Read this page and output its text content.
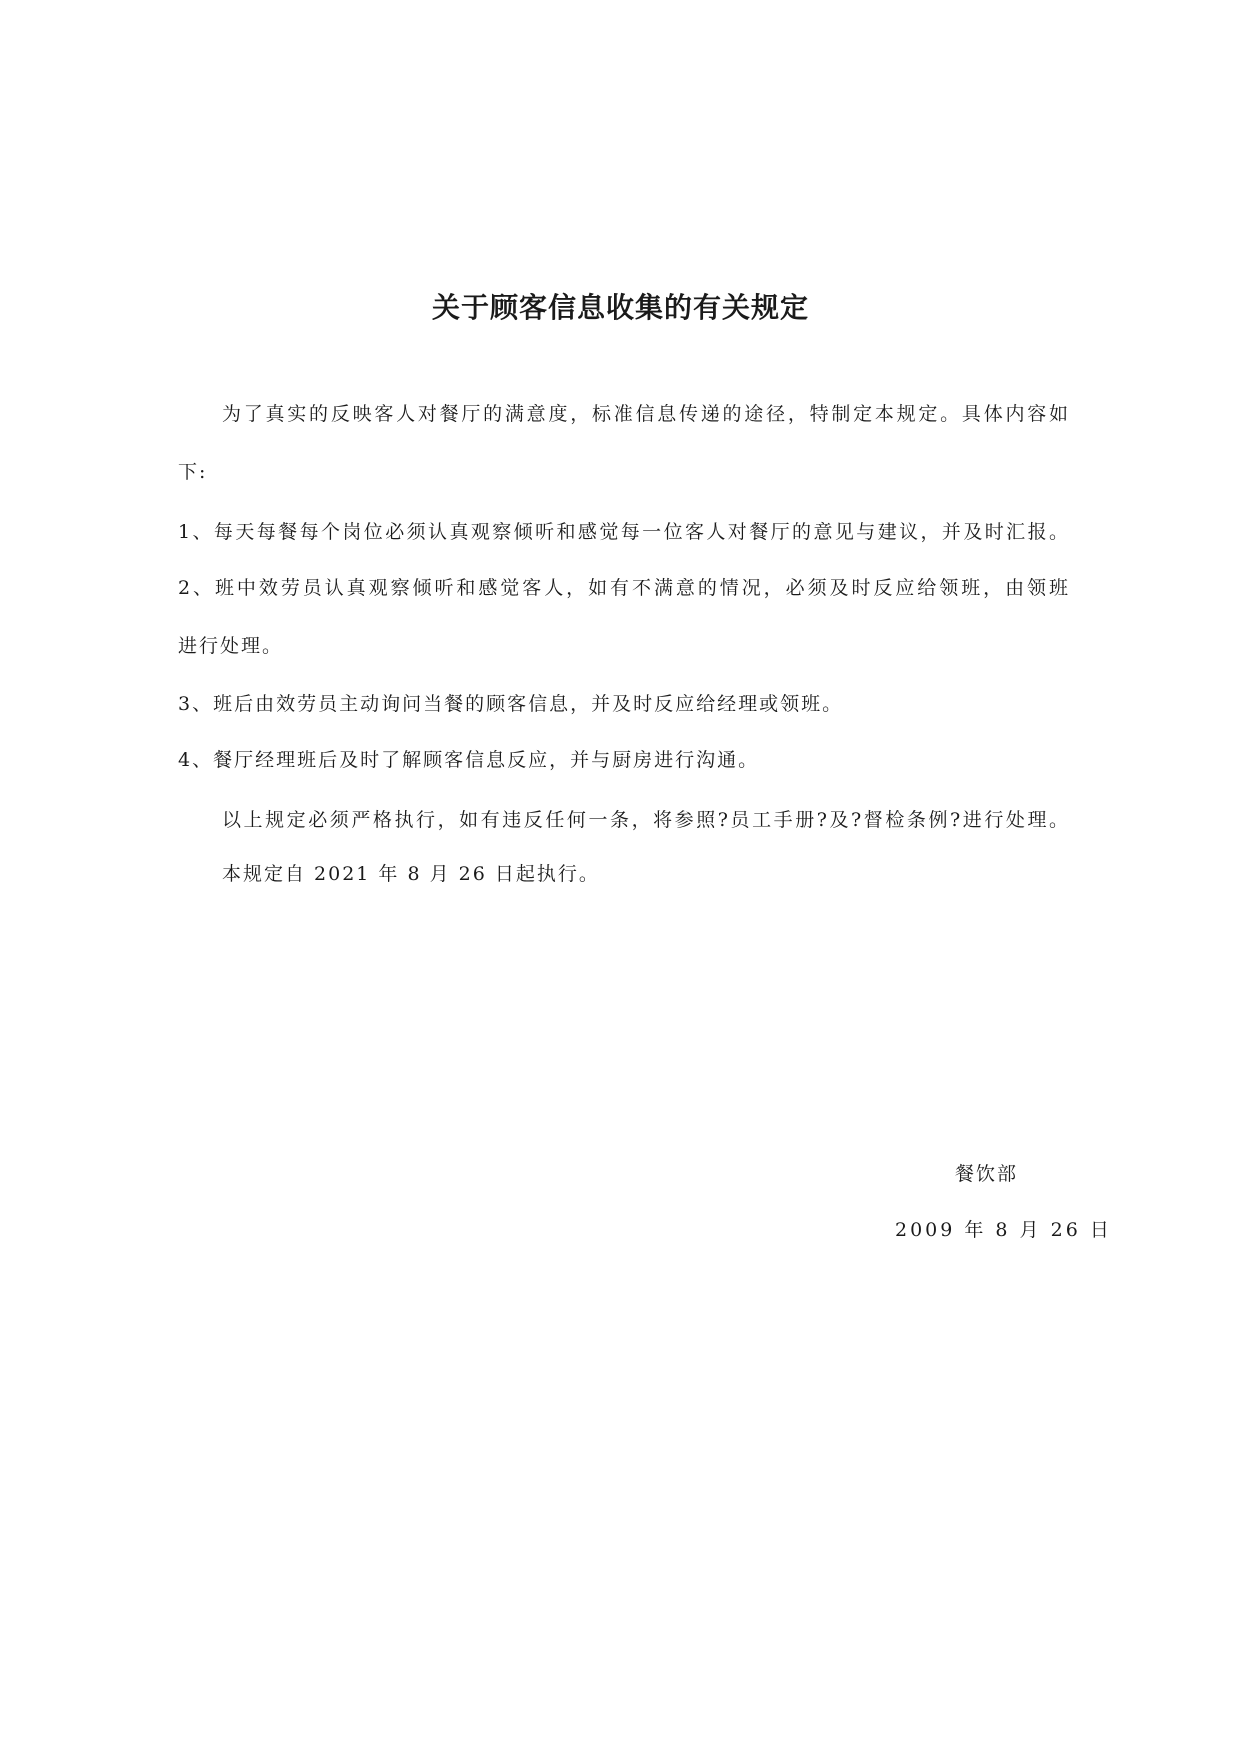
关于顾客信息收集的有关规定
为了真实的反映客人对餐厅的满意度，标准信息传递的途径，特制定本规定。具体内容如
下:
1、每天每餐每个岗位必须认真观察倾听和感觉每一位客人对餐厅的意见与建议，并及时汇报。
2、班中效劳员认真观察倾听和感觉客人，如有不满意的情况，必须及时反应给领班，由领班
进行处理。
3、班后由效劳员主动询问当餐的顾客信息，并及时反应给经理或领班。
4、餐厅经理班后及时了解顾客信息反应，并与厨房进行沟通。
以上规定必须严格执行，如有违反任何一条，将参照?员工手册?及?督检条例?进行处理。
本规定自 2021 年 8 月 26 日起执行。
餐饮部
2009 年 8 月 26 日
